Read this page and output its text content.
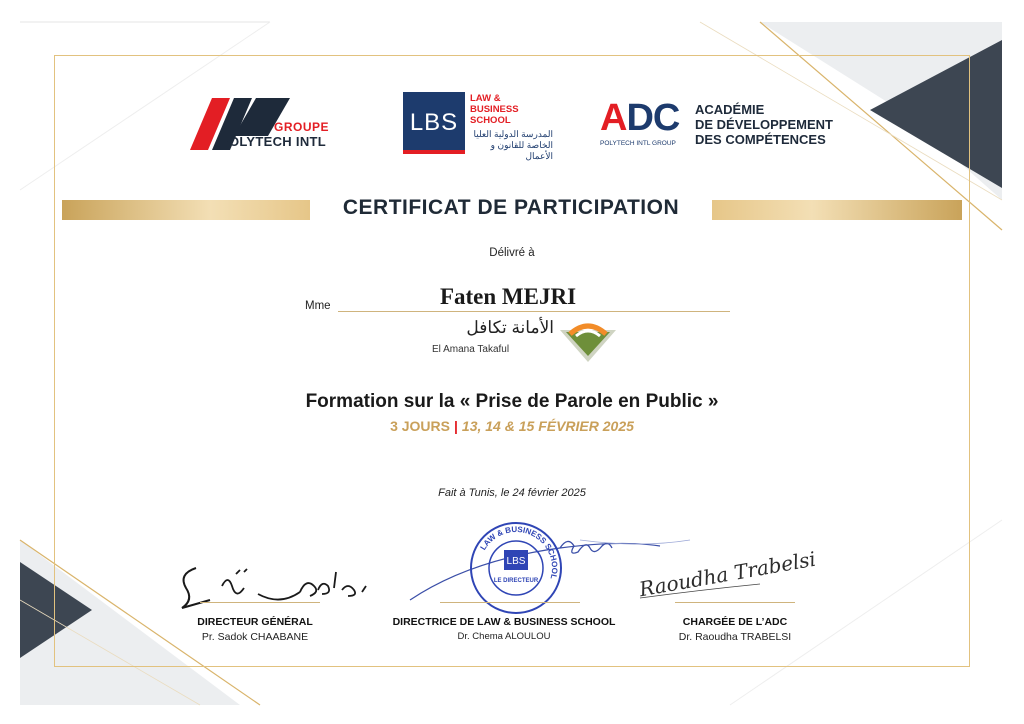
GROUPE
POLYTECH INTL
LBS
LAW & BUSINESS SCHOOL
المدرسة الدولية العليا الخاصة للقانون و الأعمال
ADC
POLYTECH INTL GROUP
ACADÉMIE
DE DÉVELOPPEMENT
DES COMPÉTENCES
CERTIFICAT DE PARTICIPATION
Délivré à
Mme	Faten MEJRI
الأمانة تكافل
El Amana Takaful
Formation sur la « Prise de Parole en Public »
3 JOURS | 13, 14 & 15 FÉVRIER 2025
Fait à Tunis, le 24 février 2025
Raoudha Trabelsi
LAW & BUSINESS SCHOOL
LBS
LE DIRECTEUR
DIRECTEUR GÉNÉRAL
Pr. Sadok CHAABANE
DIRECTRICE DE LAW & BUSINESS SCHOOL
Dr. Chema ALOULOU
CHARGÉE DE L’ADC
Dr. Raoudha TRABELSI
